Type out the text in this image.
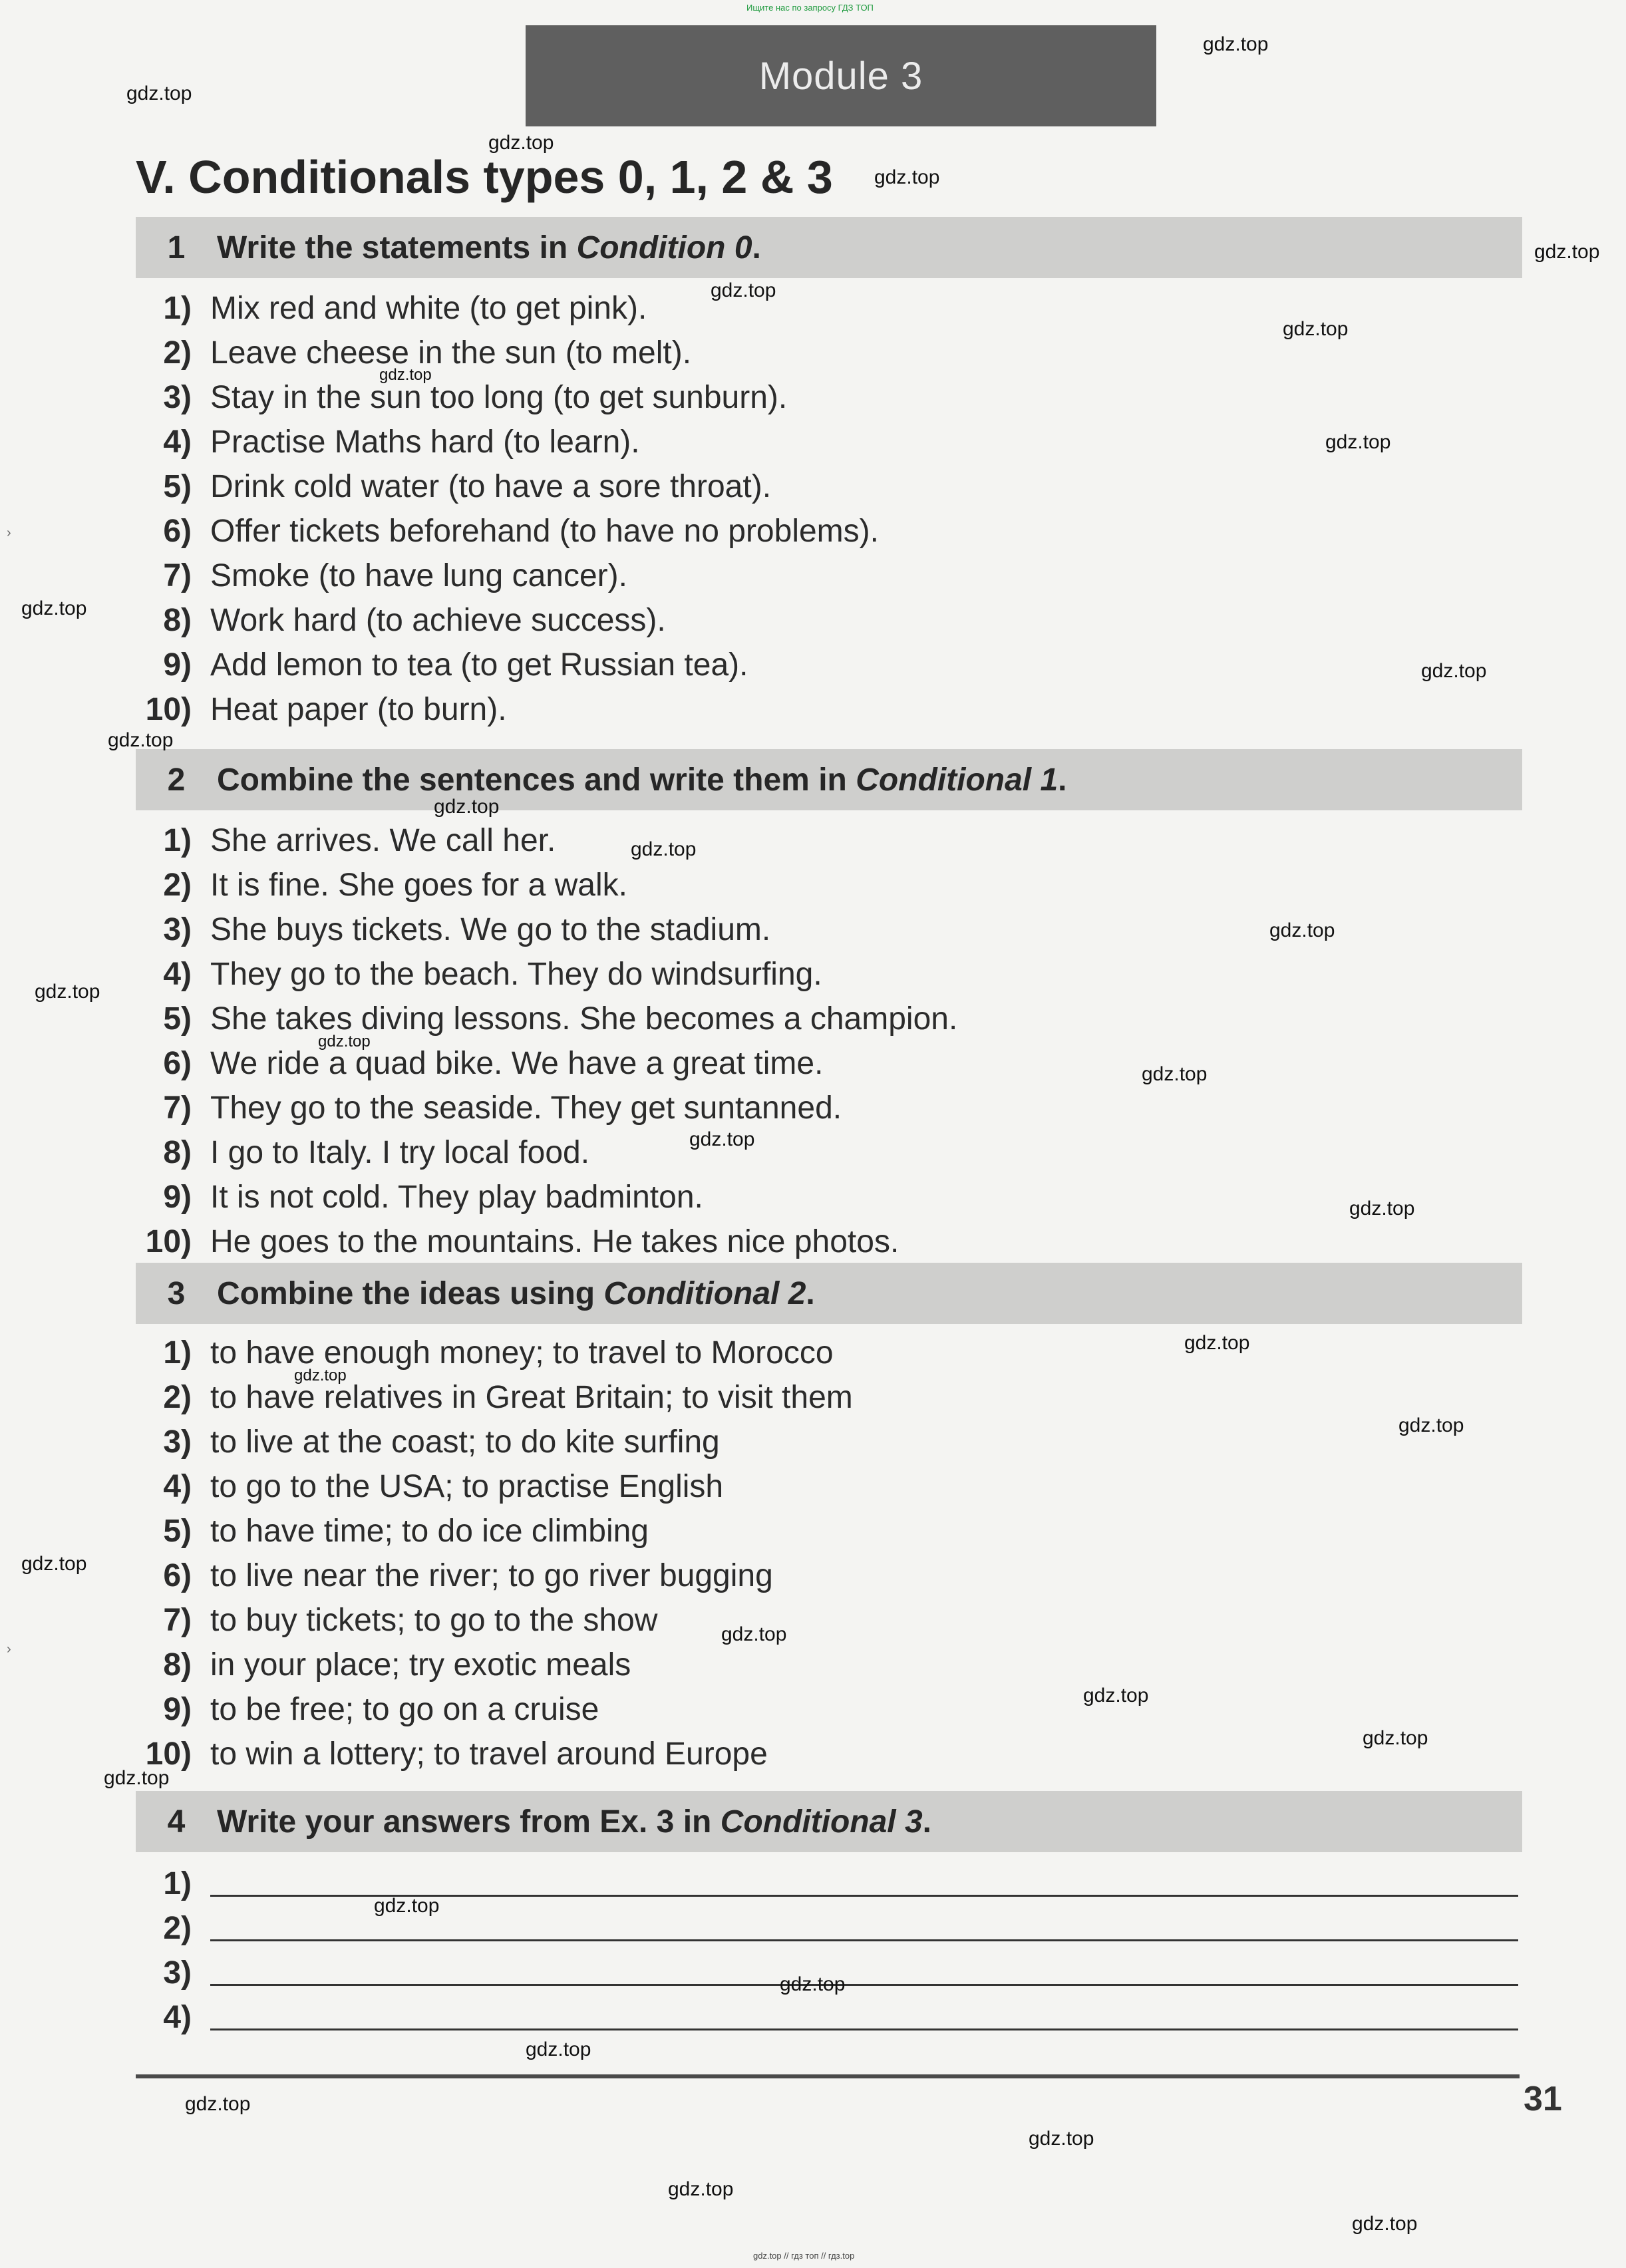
Ищите нас по запросу ГДЗ ТОП
Module 3
V. Conditionals types 0, 1, 2 & 3
1 Write the statements in Condition 0.
1) Mix red and white (to get pink).
2) Leave cheese in the sun (to melt).
3) Stay in the sun too long (to get sunburn).
4) Practise Maths hard (to learn).
5) Drink cold water (to have a sore throat).
6) Offer tickets beforehand (to have no problems).
7) Smoke (to have lung cancer).
8) Work hard (to achieve success).
9) Add lemon to tea (to get Russian tea).
10) Heat paper (to burn).
2 Combine the sentences and write them in Conditional 1.
1) She arrives. We call her.
2) It is fine. She goes for a walk.
3) She buys tickets. We go to the stadium.
4) They go to the beach. They do windsurfing.
5) She takes diving lessons. She becomes a champion.
6) We ride a quad bike. We have a great time.
7) They go to the seaside. They get suntanned.
8) I go to Italy. I try local food.
9) It is not cold. They play badminton.
10) He goes to the mountains. He takes nice photos.
3 Combine the ideas using Conditional 2.
1) to have enough money; to travel to Morocco
2) to have relatives in Great Britain; to visit them
3) to live at the coast; to do kite surfing
4) to go to the USA; to practise English
5) to have time; to do ice climbing
6) to live near the river; to go river bugging
7) to buy tickets; to go to the show
8) in your place; try exotic meals
9) to be free; to go on a cruise
10) to win a lottery; to travel around Europe
4 Write your answers from Ex. 3 in Conditional 3.
1)
2)
3)
4)
31
gdz.top // гдз топ // гдз.top
›
›
gdz.top
gdz.top
gdz.top
gdz.top
gdz.top
gdz.top
gdz.top
gdz.top
gdz.top
gdz.top
gdz.top
gdz.top
gdz.top
gdz.top
gdz.top
gdz.top
gdz.top
gdz.top
gdz.top
gdz.top
gdz.top
gdz.top
gdz.top
gdz.top
gdz.top
gdz.top
gdz.top
gdz.top
gdz.top
gdz.top
gdz.top
gdz.top
gdz.top
gdz.top
gdz.top
